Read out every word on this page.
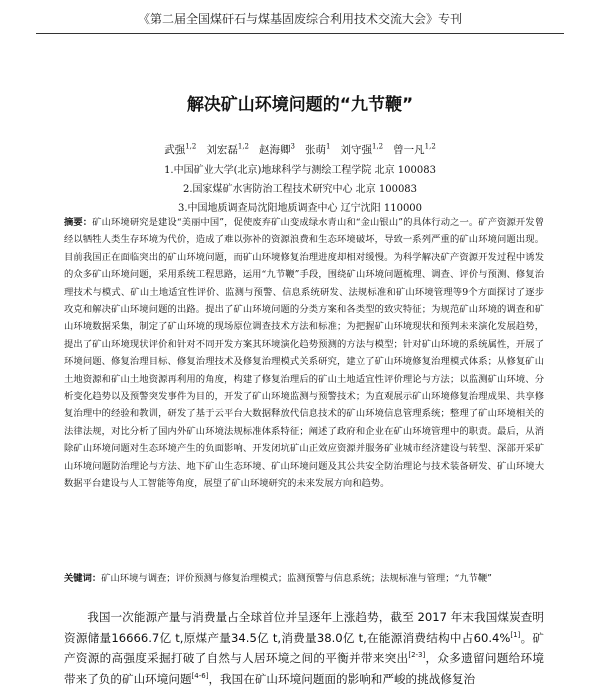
《第二届全国煤矸石与煤基固废综合利用技术交流大会》专刊
解决矿山环境问题的“九节鞭”
武强$^{1,2}$ 刘宏磊$^{1,2}$ 赵海卿$^3$ 张萌$^1$ 刘守强$^{1,2}$ 曾一凡$^{1,2}$
1.中国矿业大学(北京)地球科学与测绘工程学院 北京 100083
2.国家煤矿水害防治工程技术研究中心 北京 100083
3.中国地质调查局沈阳地质调查中心 辽宁沈阳 110000
摘要：矿山环境研究是建设“美丽中国”，促使废弃矿山变成绿水青山和“金山银山”的具体行动之一。矿产资源开发曾经以牺牲人类生存环境为代价，造成了难以弥补的资源浪费和生态环境破坏，导致一系列严重的矿山环境问题出现。目前我国正在面临突出的矿山环境问题，而矿山环境修复治理进度却相对缓慢。为科学解决矿产资源开发过程中诱发的众多矿山环境问题，采用系统工程思路，运用“九节鞭”手段，围绕矿山环境问题梳理、调查、评价与预测、修复治理技术与模式、矿山土地适宜性评价、监测与预警、信息系统研发、法规标准和矿山环境管理等9个方面探讨了逐步攻克和解决矿山环境问题的出路。提出了矿山环境问题的分类方案和各类型的致灾特征；为规范矿山环境的调查和矿山环境数据采集，制定了矿山环境的现场原位调查技术方法和标准；为把握矿山环境现状和预判未来演化发展趋势，提出了矿山环境现状评价和针对不同开发方案其环境演化趋势预测的方法与模型；针对矿山环境的系统属性，开展了环境问题、修复治理目标、修复治理技术及修复治理模式关系研究，建立了矿山环境修复治理模式体系；从修复矿山土地资源和矿山土地资源再利用的角度，构建了修复治理后的矿山土地适宜性评价理论与方法；以监测矿山环境、分析变化趋势以及预警突发事件为目的，开发了矿山环境监测与预警技术；为直观展示矿山环境修复治理成果、共享修复治理中的经验和教训，研发了基于云平台大数据释放代信息技术的矿山环境信息管理系统；整理了矿山环境相关的法律法规，对比分析了国内外矿山环境法规标准体系特征；阐述了政府和企业在矿山环境管理中的职责。最后，从消除矿山环境问题对生态环境产生的负面影响、开发闭坑矿山正效应资源并服务矿业城市经济建设与转型、深部开采矿山环境问题防治理论与方法、地下矿山生态环境、矿山环境问题及其公共安全防治理论与技术装备研发、矿山环境大数据平台建设与人工智能等角度，展望了矿山环境研究的未来发展方向和趋势。
关键词：矿山环境与调查；评价预测与修复治理模式；监测预警与信息系统；法规标准与管理；“九节鞭”
我国一次能源产量与消费量占全球首位并呈逐年上涨趋势，截至 2017 年末我国煤炭查明资源储量16666.7亿 t,原煤产量34.5亿 t,消费量38.0亿 t,在能源消费结构中占60.4%[1]。矿产资源的高强度采掘打破了自然与人居环境之间的平衡并带来突出[2-3]，众多遗留问题给环境带来了负的矿山环境问题[4-6]，我国在矿山环境问题面的影响和严峻的挑战修复治
